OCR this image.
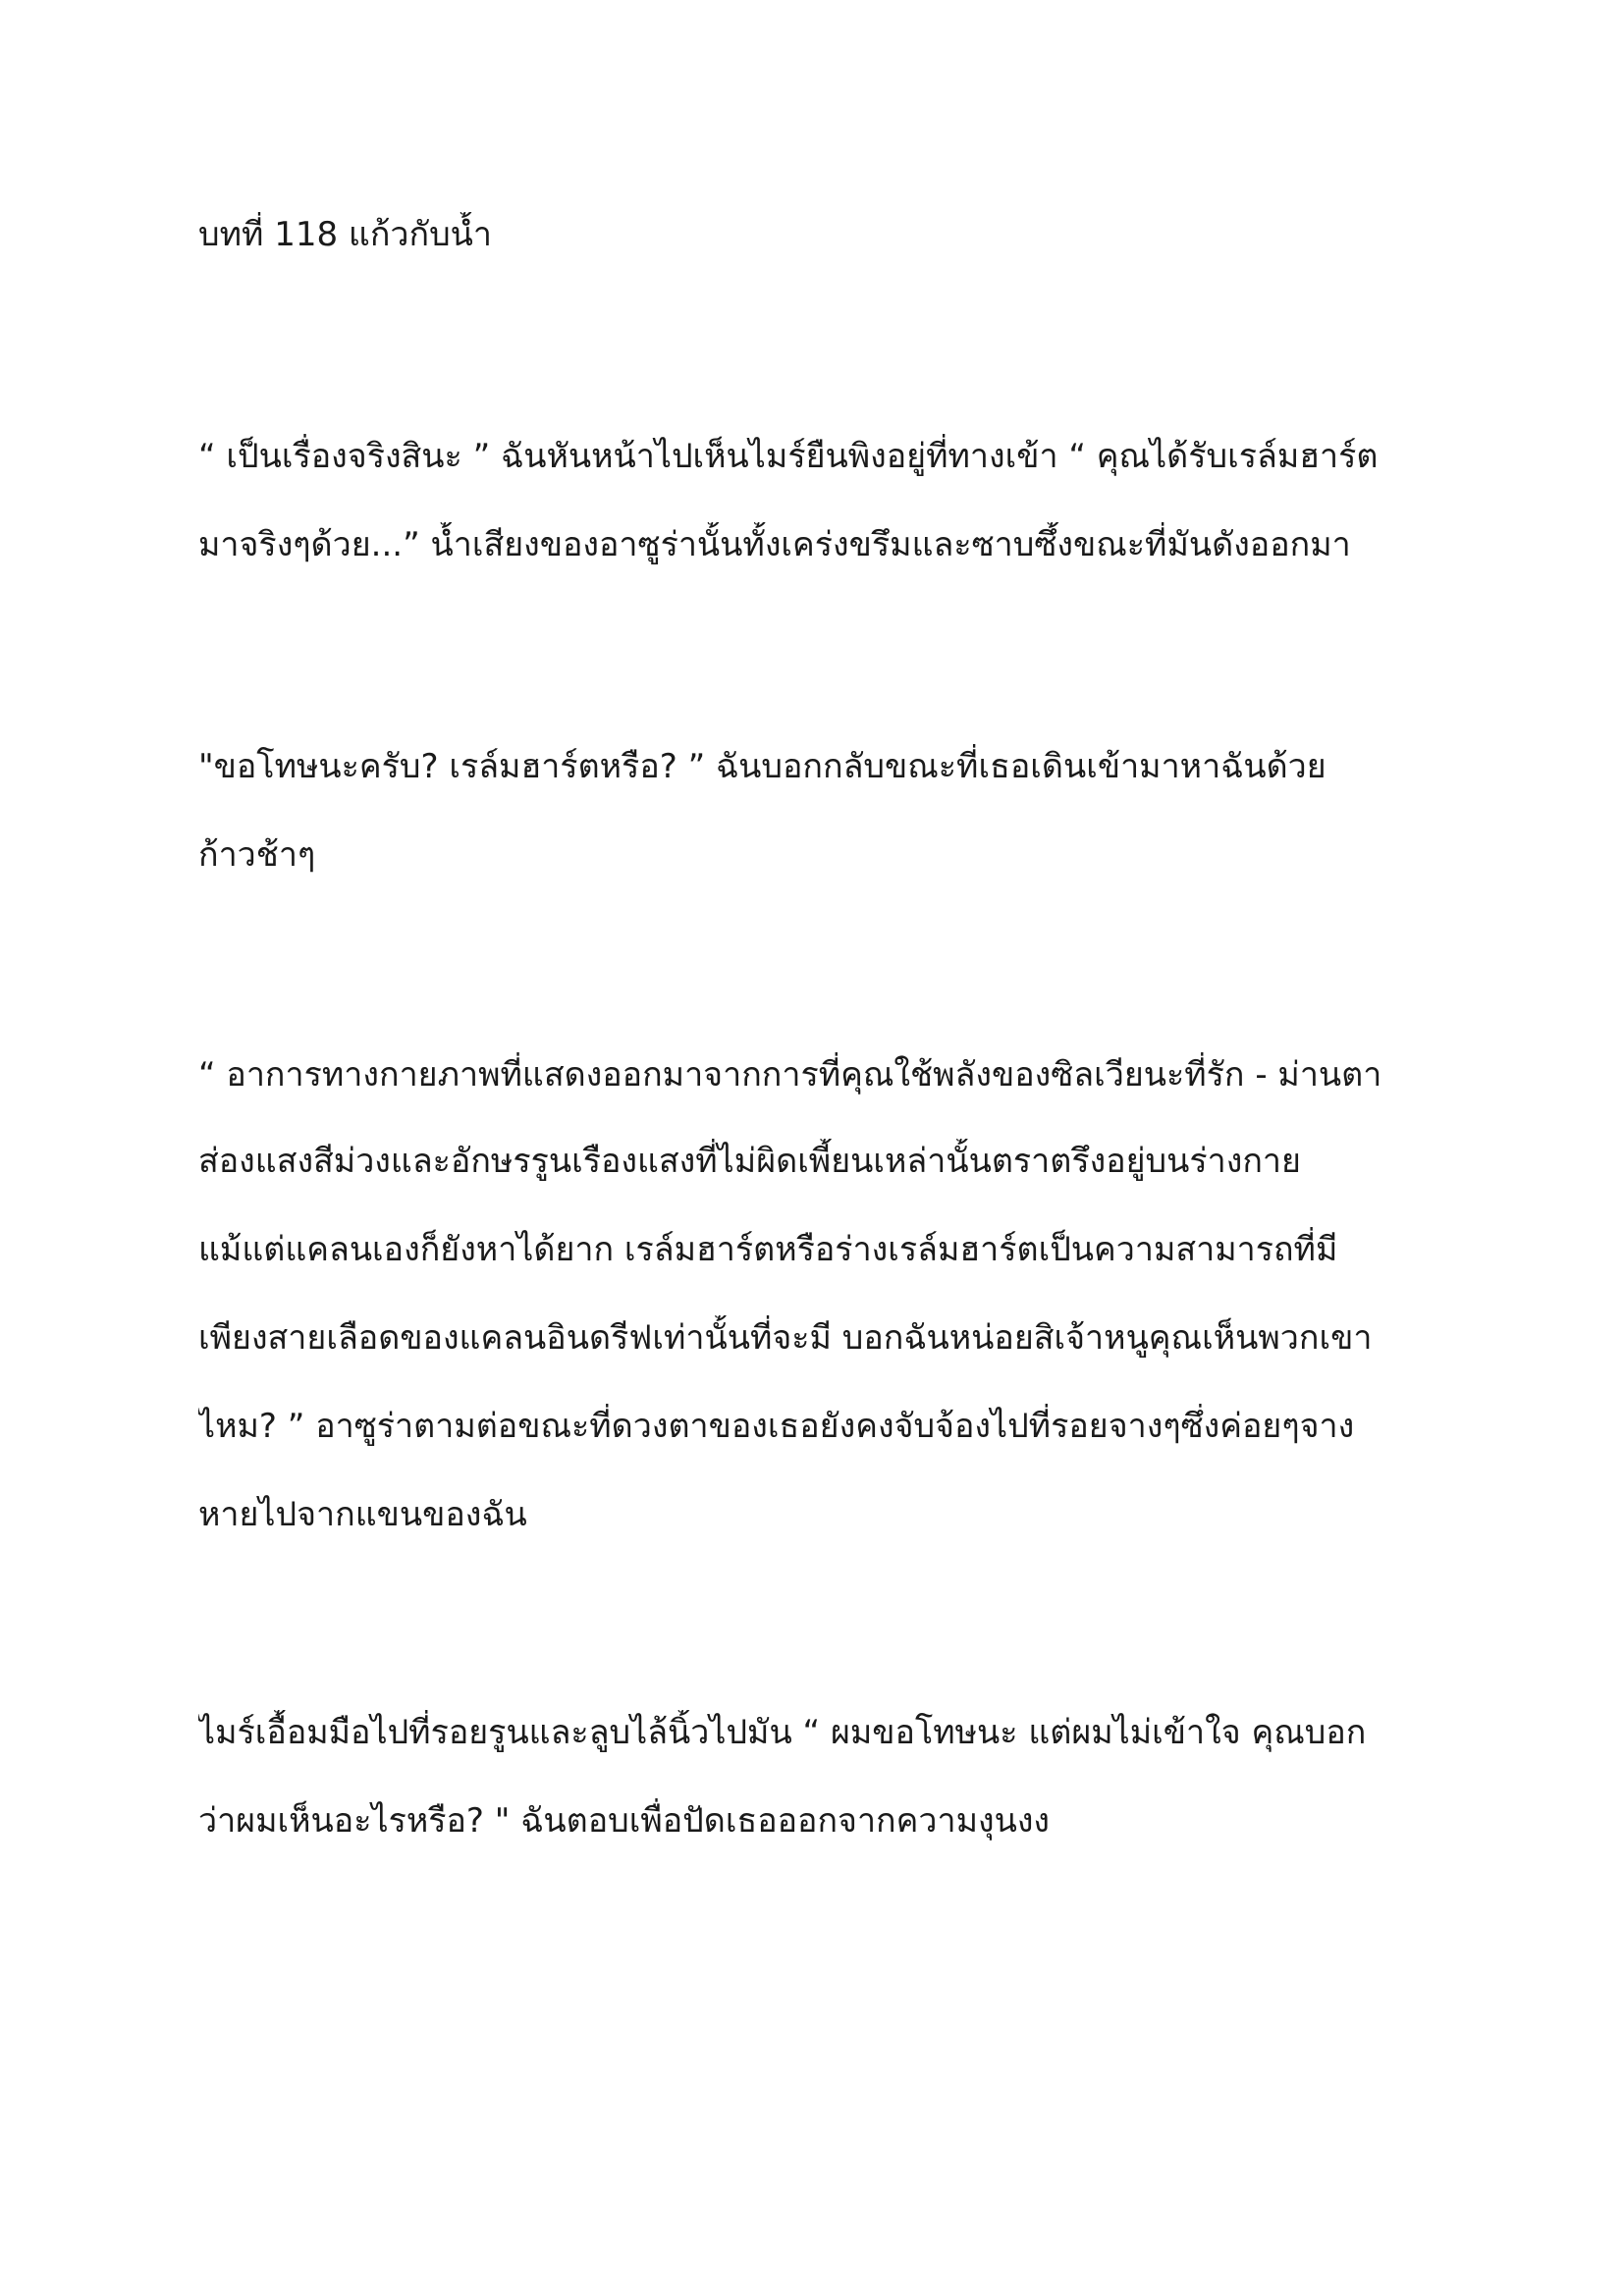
บทที่ 118 แก้วกับน้ำ
“ เป็นเรื่องจริงสินะ ” ฉันหันหน้าไปเห็นไมร์ยืนพิงอยู่ที่ทางเข้า “ คุณได้รับเรล์มฮาร์ต
มาจริงๆด้วย...” น้ำเสียงของอาซูร่านั้นทั้งเคร่งขรึมและซาบซึ้งขณะที่มันดังออกมา
"ขอโทษนะครับ? เรล์มฮาร์ตหรือ? ” ฉันบอกกลับขณะที่เธอเดินเข้ามาหาฉันด้วย
ก้าวช้าๆ
“ อาการทางกายภาพที่แสดงออกมาจากการที่คุณใช้พลังของซิลเวียนะที่รัก - ม่านตา
ส่องแสงสีม่วงและอักษรรูนเรืองแสงที่ไม่ผิดเพี้ยนเหล่านั้นตราตรึงอยู่บนร่างกาย
แม้แต่แคลนเองก็ยังหาได้ยาก เรล์มฮาร์ตหรือร่างเรล์มฮาร์ตเป็นความสามารถที่มี
เพียงสายเลือดของแคลนอินดรีฟเท่านั้นที่จะมี บอกฉันหน่อยสิเจ้าหนูคุณเห็นพวกเขา
ไหม? ” อาซูร่าตามต่อขณะที่ดวงตาของเธอยังคงจับจ้องไปที่รอยจางๆซึ่งค่อยๆจาง
หายไปจากแขนของฉัน
ไมร์เอื้อมมือไปที่รอยรูนและลูบไล้นิ้วไปมัน “ ผมขอโทษนะ แต่ผมไม่เข้าใจ คุณบอก
ว่าผมเห็นอะไรหรือ? " ฉันตอบเพื่อปัดเธอออกจากความงุนงง
